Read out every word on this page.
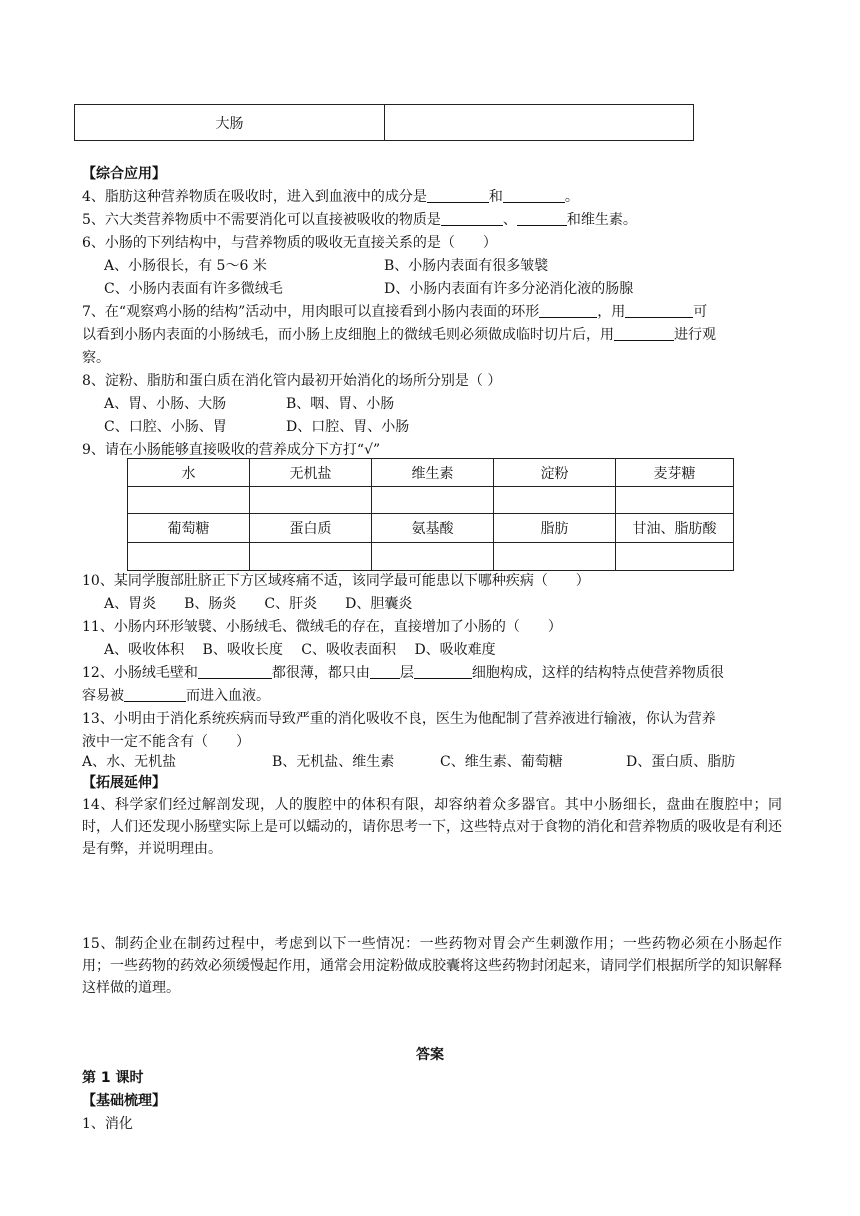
大肠	
【综合应用】
4、脂肪这种营养物质在吸收时，进入到血液中的成分是	和	。
5、六大类营养物质中不需要消化可以直接被吸收的物质是	、	和维生素。
6、小肠的下列结构中，与营养物质的吸收无直接关系的是（　　）
A、小肠很长，有 5～6 米	B、小肠内表面有很多皱襞
C、小肠内表面有许多微绒毛	D、小肠内表面有许多分泌消化液的肠腺
7、在“观察鸡小肠的结构”活动中，用肉眼可以直接看到小肠内表面的环形	，用	可
以看到小肠内表面的小肠绒毛，而小肠上皮细胞上的微绒毛则必须做成临时切片后，用	进行观
察。
8、淀粉、脂肪和蛋白质在消化管内最初开始消化的场所分别是（ ）
A、胃、小肠、大肠	B、咽、胃、小肠
C、口腔、小肠、胃	D、口腔、胃、小肠
9、请在小肠能够直接吸收的营养成分下方打“√”
水	无机盐	维生素	淀粉	麦芽糖

葡萄糖	蛋白质	氨基酸	脂肪	甘油、脂肪酸

10、某同学腹部肚脐正下方区域疼痛不适，该同学最可能患以下哪种疾病（　　）
A、胃炎　　B、肠炎　　C、肝炎　　D、胆囊炎
11、小肠内环形皱襞、小肠绒毛、微绒毛的存在，直接增加了小肠的（　　）
A、吸收体积　 B、吸收长度　 C、吸收表面积　 D、吸收难度
12、小肠绒毛壁和	都很薄，都只由 层	细胞构成，这样的结构特点使营养物质很
容易被	而进入血液。
13、小明由于消化系统疾病而导致严重的消化吸收不良，医生为他配制了营养液进行输液，你认为营养
液中一定不能含有（　　）
A、水、无机盐	B、无机盐、维生素	C、维生素、葡萄糖	D、蛋白质、脂肪
【拓展延伸】
14、科学家们经过解剖发现，人的腹腔中的体积有限，却容纳着众多器官。其中小肠细长，盘曲在腹腔中；同时，人们还发现小肠壁实际上是可以蠕动的，请你思考一下，这些特点对于食物的消化和营养物质的吸收是有利还是有弊，并说明理由。
15、制药企业在制药过程中，考虑到以下一些情况：一些药物对胃会产生刺激作用；一些药物必须在小肠起作用；一些药物的药效必须缓慢起作用，通常会用淀粉做成胶囊将这些药物封闭起来，请同学们根据所学的知识解释这样做的道理。
答案
第 1 课时
【基础梳理】
1、消化
